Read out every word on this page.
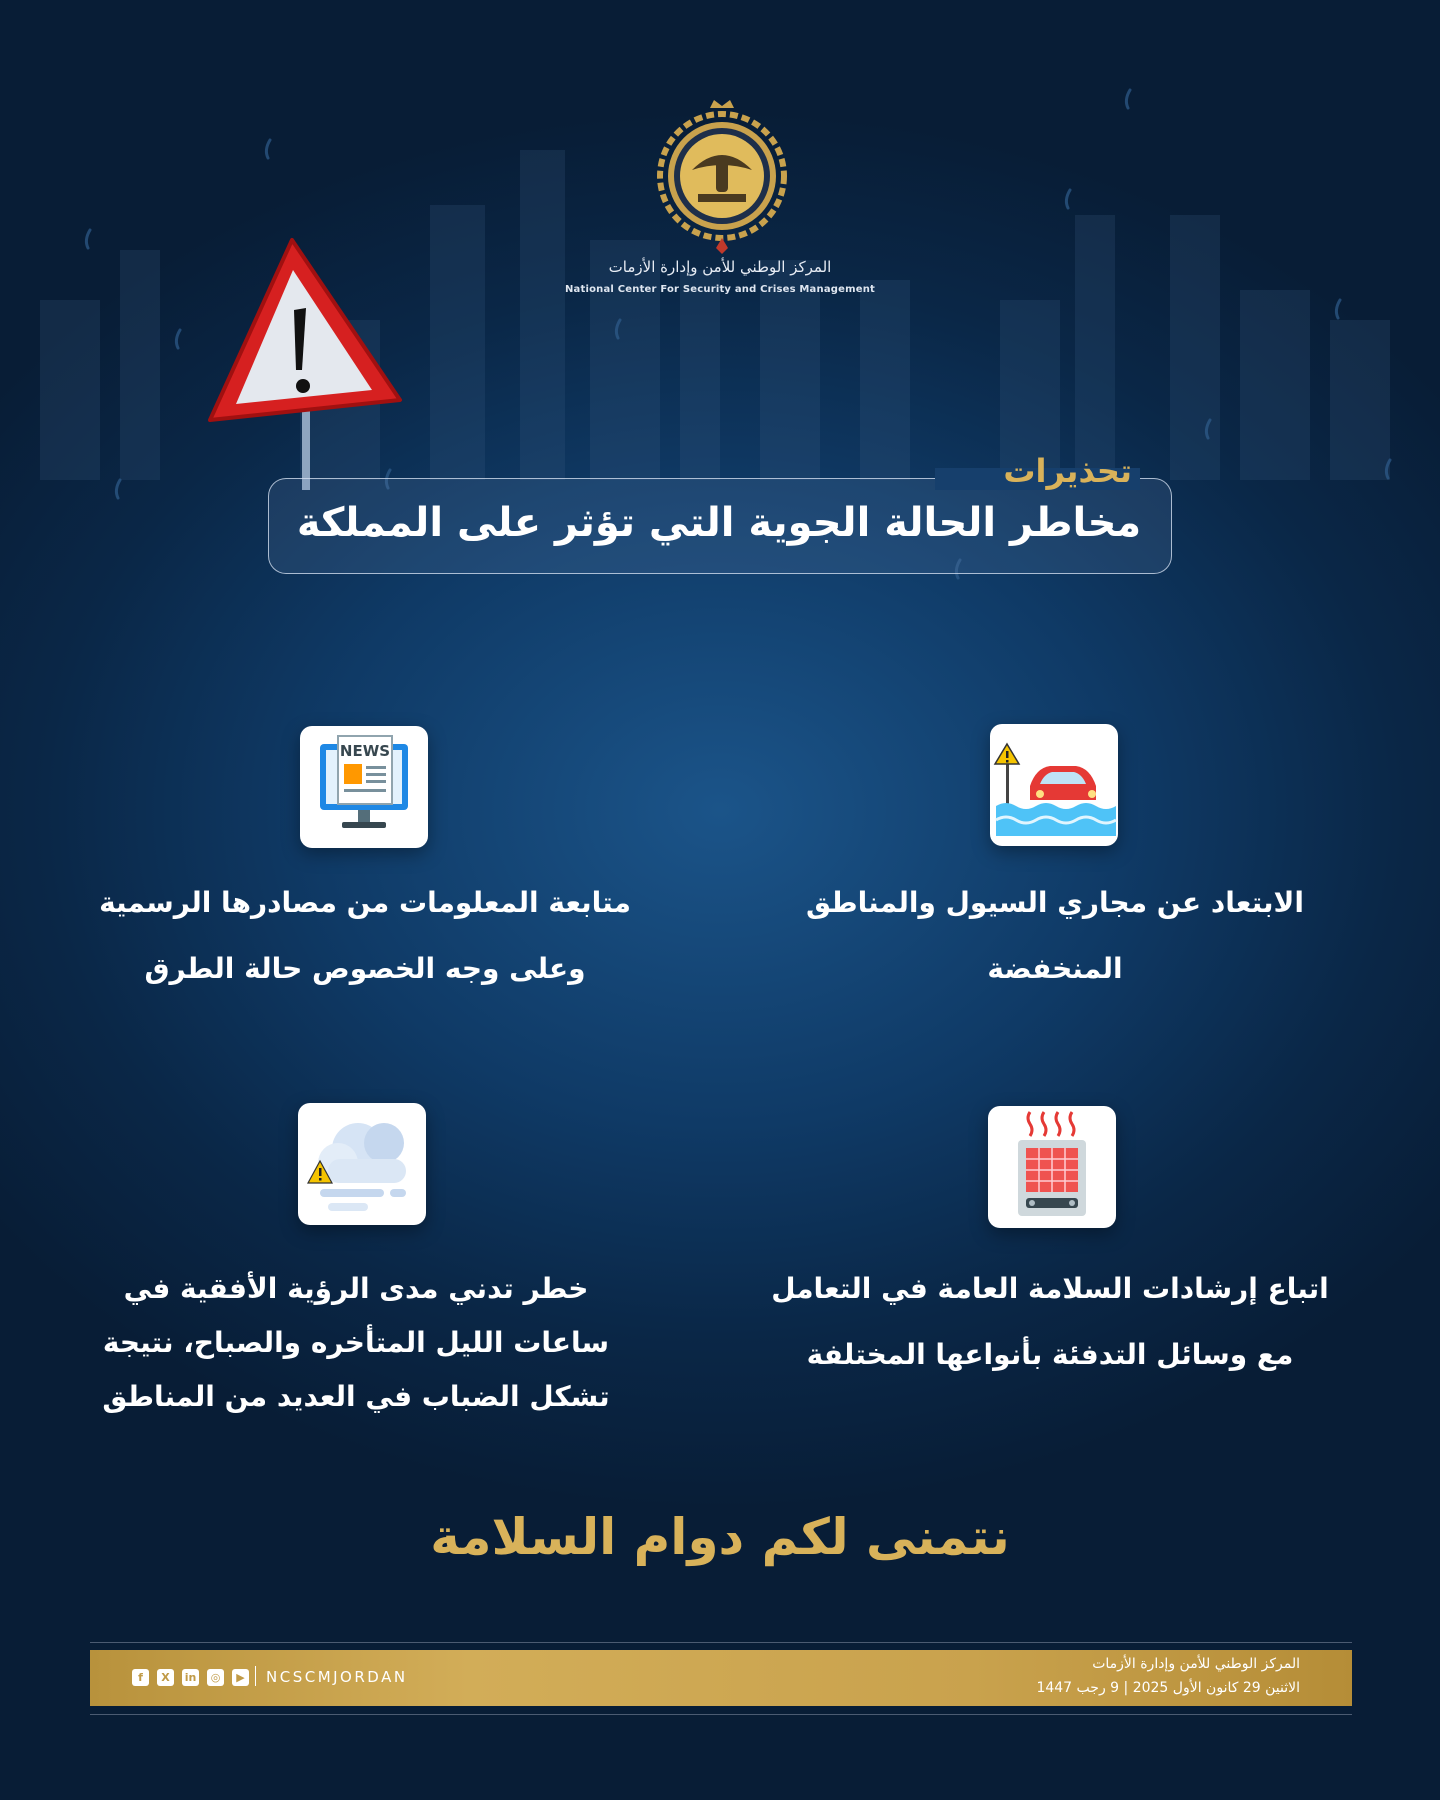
المركز الوطني للأمن وإدارة الأزمات
National Center For Security and Crises Management
تحذيرات
مخاطر الحالة الجوية التي تؤثر على المملكة
الابتعاد عن مجاري السيول والمناطق
المنخفضة
NEWS
متابعة المعلومات من مصادرها الرسمية
وعلى وجه الخصوص حالة الطرق
اتباع إرشادات السلامة العامة في التعامل
مع وسائل التدفئة بأنواعها المختلفة
خطر تدني مدى الرؤية الأفقية في
ساعات الليل المتأخره والصباح، نتيجة
تشكل الضباب في العديد من المناطق
نتمنى لكم دوام السلامة
f	X	in	◎	▶ NCSCMJORDAN
المركز الوطني للأمن وإدارة الأزمات
الاثنين 29 كانون الأول 2025 | 9 رجب 1447
